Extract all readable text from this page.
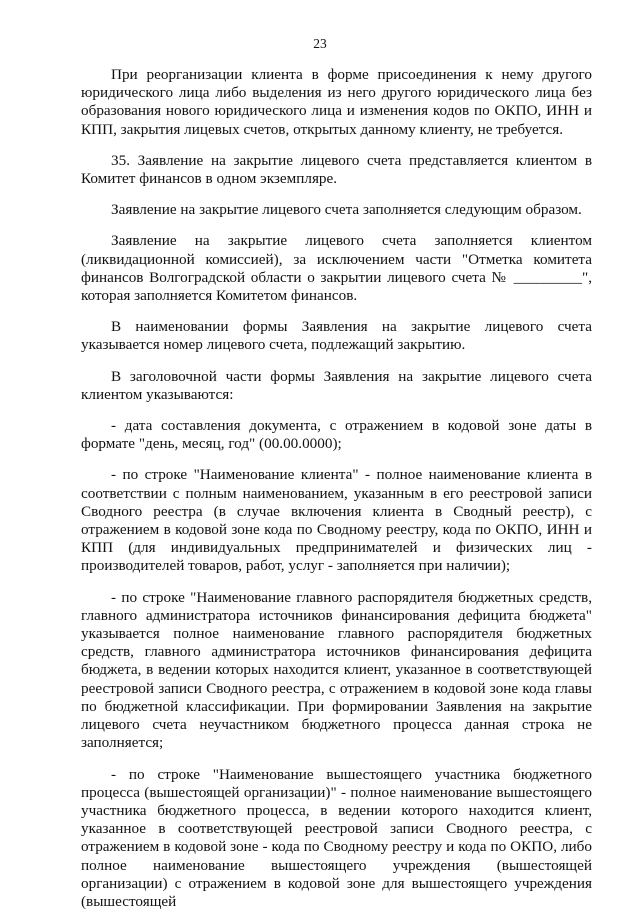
23

При реорганизации клиента в форме присоединения к нему другого юридического лица либо выделения из него другого юридического лица без образования нового юридического лица и изменения кодов по ОКПО, ИНН и КПП, закрытия лицевых счетов, открытых данному клиенту, не требуется.

35. Заявление на закрытие лицевого счета представляется клиентом в Комитет финансов в одном экземпляре.

Заявление на закрытие лицевого счета заполняется следующим образом.

Заявление на закрытие лицевого счета заполняется клиентом (ликвидационной комиссией), за исключением части "Отметка комитета финансов Волгоградской области о закрытии лицевого счета № _________", которая заполняется Комитетом финансов.

В наименовании формы Заявления на закрытие лицевого счета указывается номер лицевого счета, подлежащий закрытию.

В заголовочной части формы Заявления на закрытие лицевого счета клиентом указываются:

- дата составления документа, с отражением в кодовой зоне даты в формате "день, месяц, год" (00.00.0000);

- по строке "Наименование клиента" - полное наименование клиента в соответствии с полным наименованием, указанным в его реестровой записи Сводного реестра (в случае включения клиента в Сводный реестр), с отражением в кодовой зоне кода по Сводному реестру, кода по ОКПО, ИНН и КПП (для индивидуальных предпринимателей и физических лиц - производителей товаров, работ, услуг - заполняется при наличии);

- по строке "Наименование главного распорядителя бюджетных средств, главного администратора источников финансирования дефицита бюджета" указывается полное наименование главного распорядителя бюджетных средств, главного администратора источников финансирования дефицита бюджета, в ведении которых находится клиент, указанное в соответствующей реестровой записи Сводного реестра, с отражением в кодовой зоне кода главы по бюджетной классификации. При формировании Заявления на закрытие лицевого счета неучастником бюджетного процесса данная строка не заполняется;

- по строке "Наименование вышестоящего участника бюджетного процесса (вышестоящей организации)" - полное наименование вышестоящего участника бюджетного процесса, в ведении которого находится клиент, указанное в соответствующей реестровой записи Сводного реестра, с отражением в кодовой зоне - кода по Сводному реестру и кода по ОКПО, либо полное наименование вышестоящего учреждения (вышестоящей организации) с отражением в кодовой зоне для вышестоящего учреждения (вышестоящей
